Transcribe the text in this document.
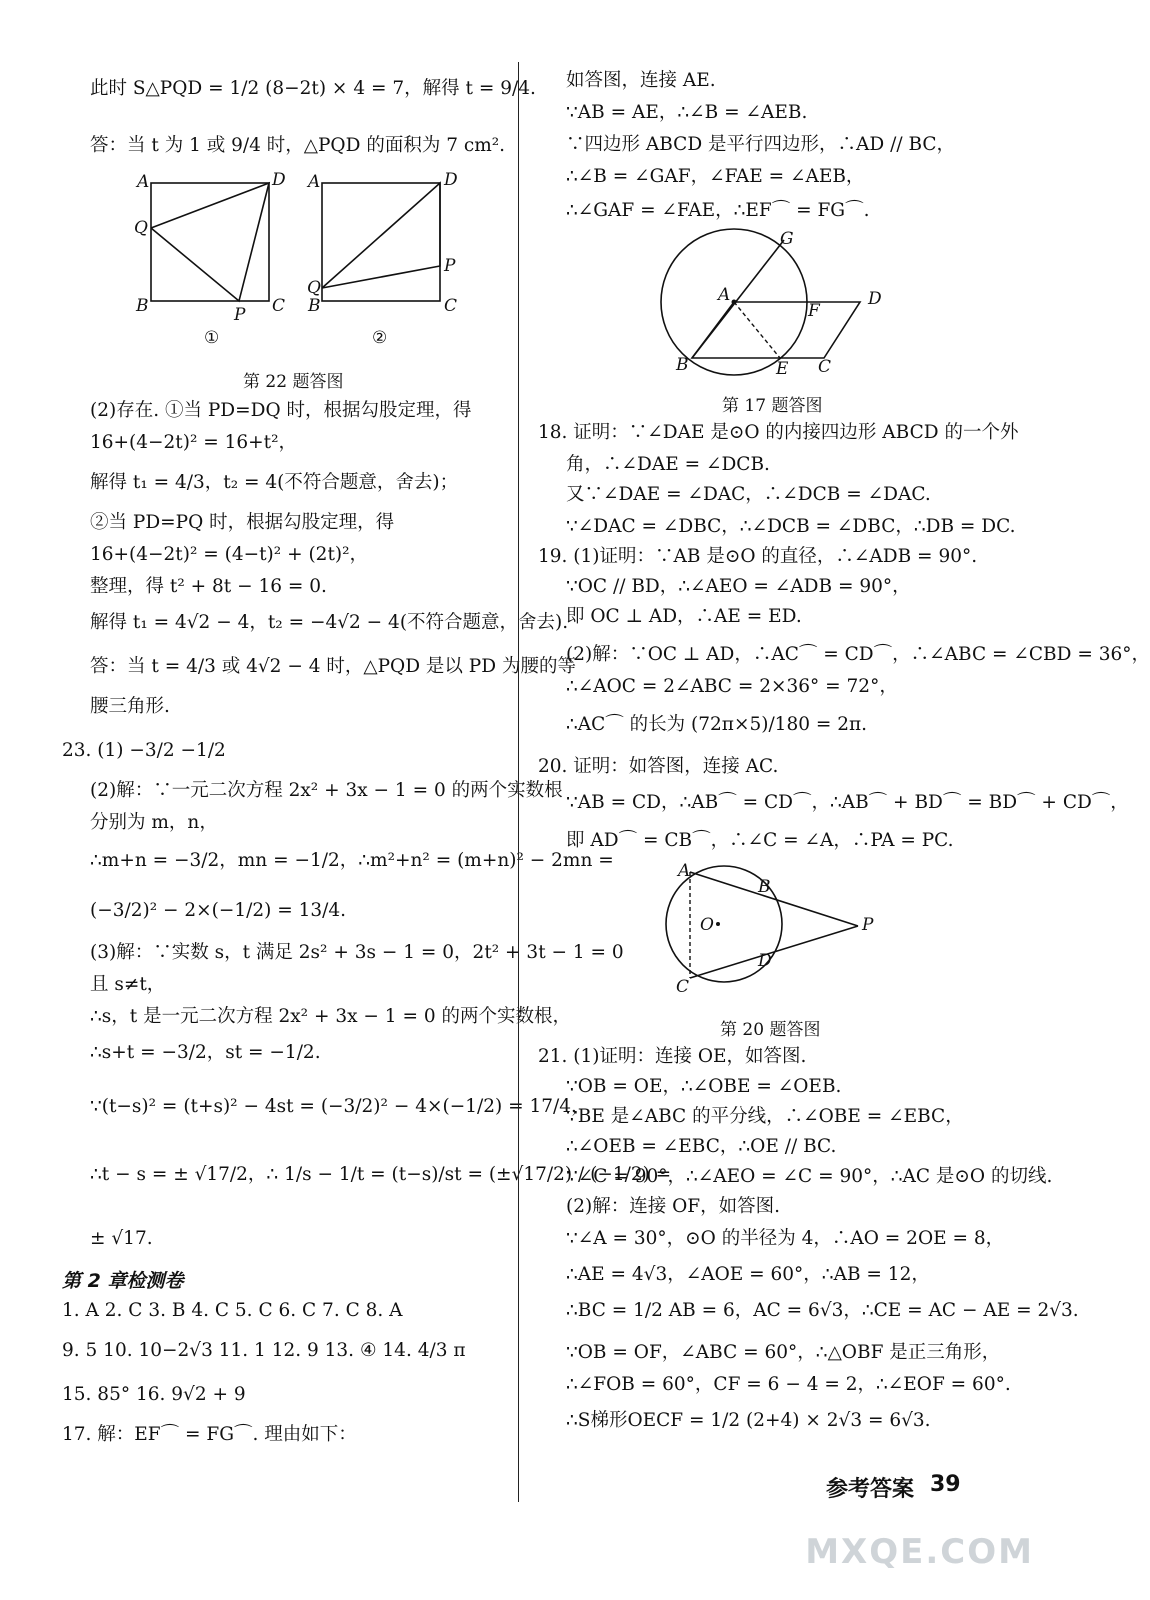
此时 S△PQD = 1/2 (8−2t) × 4 = 7，解得 t = 9/4.
答：当 t 为 1 或 9/4 时，△PQD 的面积为 7 cm².
A	D
Q
B	C
P
A	D
Q
B	C
P
①	②
第 22 题答图
(2)存在. ①当 PD=DQ 时，根据勾股定理，得
16+(4−2t)² = 16+t²，
解得 t₁ = 4/3，t₂ = 4(不符合题意，舍去)；
②当 PD=PQ 时，根据勾股定理，得
16+(4−2t)² = (4−t)² + (2t)²，
整理，得 t² + 8t − 16 = 0.
解得 t₁ = 4√2 − 4，t₂ = −4√2 − 4(不符合题意，舍去).
答：当 t = 4/3 或 4√2 − 4 时，△PQD 是以 PD 为腰的等
腰三角形.
23. (1) −3/2 −1/2
(2)解：∵一元二次方程 2x² + 3x − 1 = 0 的两个实数根
分别为 m，n，
∴m+n = −3/2，mn = −1/2，∴m²+n² = (m+n)² − 2mn =
(−3/2)² − 2×(−1/2) = 13/4.
(3)解：∵实数 s，t 满足 2s² + 3s − 1 = 0，2t² + 3t − 1 = 0
且 s≠t，
∴s，t 是一元二次方程 2x² + 3x − 1 = 0 的两个实数根，
∴s+t = −3/2，st = −1/2.
∵(t−s)² = (t+s)² − 4st = (−3/2)² − 4×(−1/2) = 17/4，
∴t − s = ± √17/2，∴ 1/s − 1/t = (t−s)/st = (±√17/2) / (−1/2) =
± √17.
第 2 章检测卷
1. A 2. C 3. B 4. C 5. C 6. C 7. C 8. A
9. 5 10. 10−2√3 11. 1 12. 9 13. ④ 14. 4/3 π
15. 85° 16. 9√2 + 9
17. 解：EF⌒ = FG⌒. 理由如下：
如答图，连接 AE.
∵AB = AE，∴∠B = ∠AEB.
∵四边形 ABCD 是平行四边形，∴AD // BC，
∴∠B = ∠GAF，∠FAE = ∠AEB，
∴∠GAF = ∠FAE，∴EF⌒ = FG⌒.
A
B	E C
D
F
G
第 17 题答图
18. 证明：∵∠DAE 是⊙O 的内接四边形 ABCD 的一个外
角，∴∠DAE = ∠DCB.
又∵∠DAE = ∠DAC，∴∠DCB = ∠DAC.
∵∠DAC = ∠DBC，∴∠DCB = ∠DBC，∴DB = DC.
19. (1)证明：∵AB 是⊙O 的直径，∴∠ADB = 90°.
∵OC // BD，∴∠AEO = ∠ADB = 90°，
即 OC ⊥ AD，∴AE = ED.
(2)解：∵OC ⊥ AD，∴AC⌒ = CD⌒，∴∠ABC = ∠CBD = 36°，
∴∠AOC = 2∠ABC = 2×36° = 72°，
∴AC⌒ 的长为 (72π×5)/180 = 2π.
20. 证明：如答图，连接 AC.
∵AB = CD，∴AB⌒ = CD⌒，∴AB⌒ + BD⌒ = BD⌒ + CD⌒，
即 AD⌒ = CB⌒，∴∠C = ∠A，∴PA = PC.
A
B
P
D
C
O
第 20 题答图
21. (1)证明：连接 OE，如答图.
∵OB = OE，∴∠OBE = ∠OEB.
∵BE 是∠ABC 的平分线，∴∠OBE = ∠EBC，
∴∠OEB = ∠EBC，∴OE // BC.
∵∠C = 90°，∴∠AEO = ∠C = 90°，∴AC 是⊙O 的切线.
(2)解：连接 OF，如答图.
∵∠A = 30°，⊙O 的半径为 4，∴AO = 2OE = 8，
∴AE = 4√3，∠AOE = 60°，∴AB = 12，
∴BC = 1/2 AB = 6，AC = 6√3，∴CE = AC − AE = 2√3.
∵OB = OF，∠ABC = 60°，∴△OBF 是正三角形，
∴∠FOB = 60°，CF = 6 − 4 = 2，∴∠EOF = 60°.
∴S梯形OECF = 1/2 (2+4) × 2√3 = 6√3.
参考答案 39
MXQE.COM
